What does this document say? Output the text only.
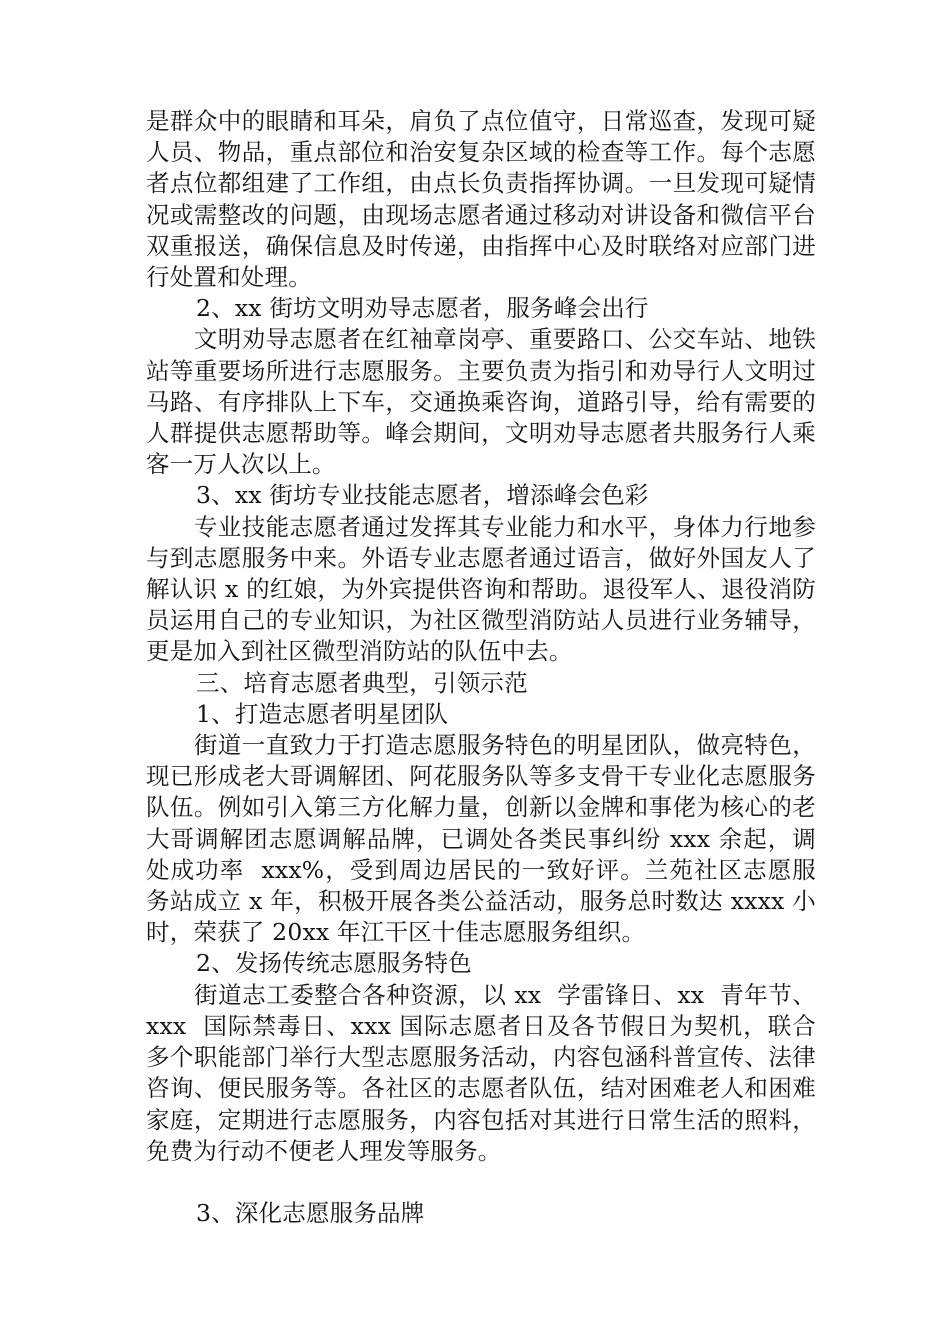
是群众中的眼睛和耳朵，肩负了点位值守，日常巡查，发现可疑人员、物品，重点部位和治安复杂区域的检查等工作。每个志愿者点位都组建了工作组，由点长负责指挥协调。一旦发现可疑情况或需整改的问题，由现场志愿者通过移动对讲设备和微信平台双重报送，确保信息及时传递，由指挥中心及时联络对应部门进行处置和处理。

2、xx 街坊文明劝导志愿者，服务峰会出行

　　文明劝导志愿者在红袖章岗亭、重要路口、公交车站、地铁站等重要场所进行志愿服务。主要负责为指引和劝导行人文明过马路、有序排队上下车，交通换乘咨询，道路引导，给有需要的人群提供志愿帮助等。峰会期间，文明劝导志愿者共服务行人乘客一万人次以上。

3、xx 街坊专业技能志愿者，增添峰会色彩

　　专业技能志愿者通过发挥其专业能力和水平，身体力行地参与到志愿服务中来。外语专业志愿者通过语言，做好外国友人了解认识 x 的红娘，为外宾提供咨询和帮助。退役军人、退役消防员运用自己的专业知识，为社区微型消防站人员进行业务辅导，更是加入到社区微型消防站的队伍中去。

三、培育志愿者典型，引领示范

1、打造志愿者明星团队

　　街道一直致力于打造志愿服务特色的明星团队，做亮特色，现已形成老大哥调解团、阿花服务队等多支骨干专业化志愿服务队伍。例如引入第三方化解力量，创新以金牌和事佬为核心的老大哥调解团志愿调解品牌，已调处各类民事纠纷 xxx 余起，调处成功率  xxx%，受到周边居民的一致好评。兰苑社区志愿服务站成立 x 年，积极开展各类公益活动，服务总时数达 xxxx 小时，荣获了 20xx 年江干区十佳志愿服务组织。

2、发扬传统志愿服务特色

　　街道志工委整合各种资源，以 xx  学雷锋日、xx  青年节、xxx  国际禁毒日、xxx 国际志愿者日及各节假日为契机，联合多个职能部门举行大型志愿服务活动，内容包涵科普宣传、法律咨询、便民服务等。各社区的志愿者队伍，结对困难老人和困难家庭，定期进行志愿服务，内容包括对其进行日常生活的照料，免费为行动不便老人理发等服务。

3、深化志愿服务品牌
